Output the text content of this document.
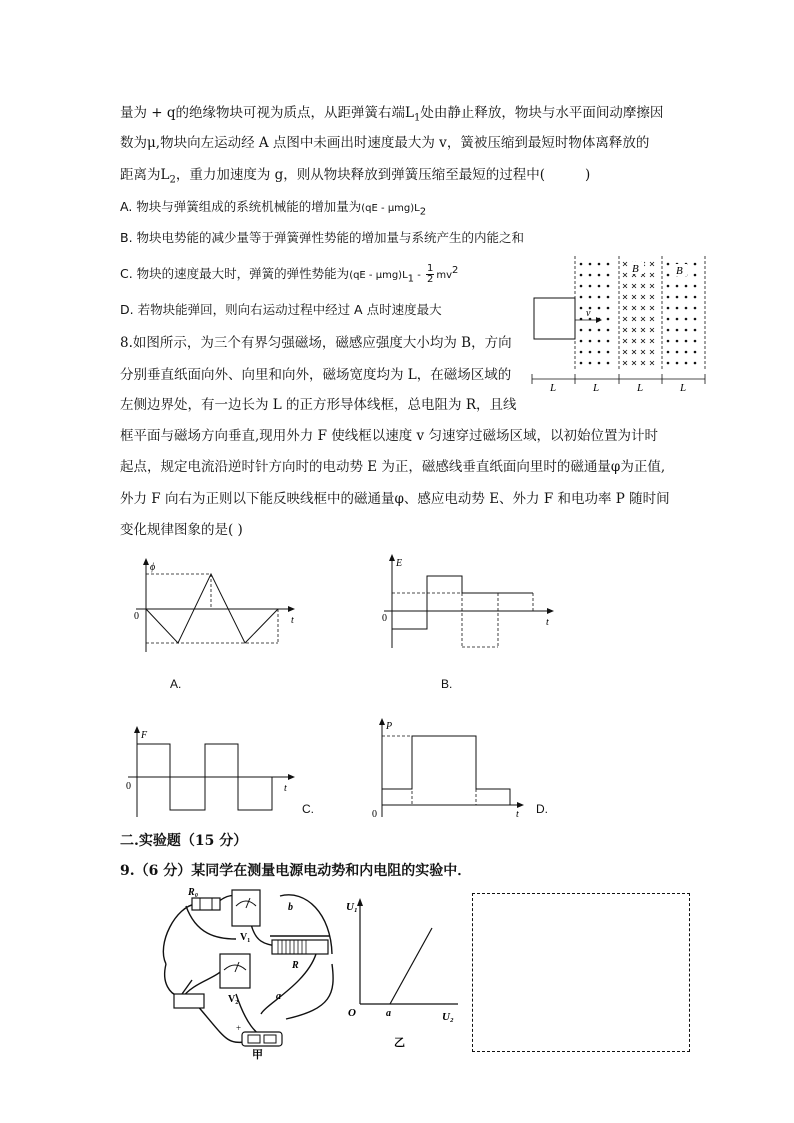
量为 + q的绝缘物块可视为质点，从距弹簧右端$L_1$处由静止释放，物块与水平面间动摩擦因
数为μ,物块向左运动经 A 点图中未画出时速度最大为 v，簧被压缩到最短时物体离释放的
距离为$L_2$，重力加速度为 g，则从物块释放到弹簧压缩至最短的过程中(	)
A. 物块与弹簧组成的系统机械能的增加量为$(qE - \mu mg)L_2$
B. 物块电势能的减少量等于弹簧弹性势能的增加量与系统产生的内能之和
C. 物块的速度最大时，弹簧的弹性势能为$(qE - \mu mg)L_1 - \frac{1}{2} mv^2$
D. 若物块能弹回，则向右运动过程中经过 A 点时速度最大
8.如图所示，为三个有界匀强磁场，磁感应强度大小均为 B，方向
分别垂直纸面向外、向里和向外，磁场宽度均为 L，在磁场区域的
左侧边界处，有一边长为 L 的正方形导体线框，总电阻为 R，且线
框平面与磁场方向垂直,现用外力 F 使线框以速度 v 匀速穿过磁场区域，以初始位置为计时
起点，规定电流沿逆时针方向时的电动势 E 为正，磁感线垂直纸面向里时的磁通量φ为正值,
外力 F 向右为正则以下能反映线框中的磁通量φ、感应电动势 E、外力 F 和电功率 P 随时间
变化规律图象的是( )
v
B	B
L	L	L	L
ϕ
t
0
A.
E
t
0
B.
F
t
0
C.
P
t
0	D.
二.实验题（15 分）
9.（6 分）某同学在测量电源电动势和内电阻的实验中．
R₀
V₁
b
R
V₂	a
+
甲
U₁
U₂
O	a
乙
